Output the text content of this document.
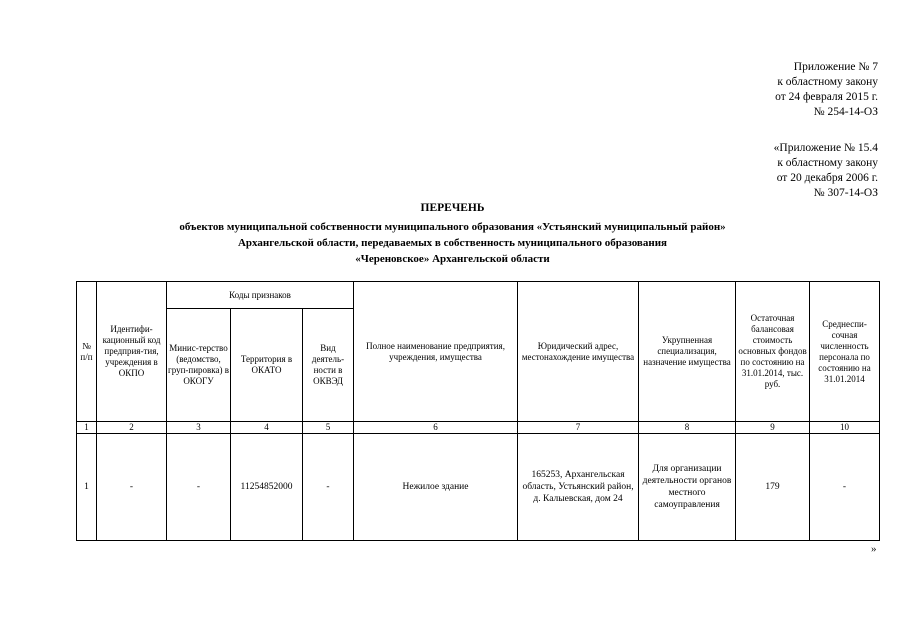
Приложение № 7
к областному закону
от 24 февраля 2015 г.
№ 254-14-ОЗ
«Приложение № 15.4
к областному закону
от 20 декабря 2006 г.
№ 307-14-ОЗ
ПЕРЕЧЕНЬ
объектов муниципальной собственности муниципального образования «Устьянский муниципальный район»
Архангельской области, передаваемых в собственность муниципального образования
«Череновское» Архангельской области
№ п/п	Идентифи-кационный код предприя-тия, учреждения в ОКПО	Коды признаков			Полное наименование предприятия, учреждения, имущества	Юридический адрес, местонахождение имущества	Укрупненная специализация, назначение имущества	Остаточная балансовая стоимость основных фондов по состоянию на 31.01.2014, тыс. руб.	Среднеспи-сочная численность персонала по состоянию на 31.01.2014
		Минис-терство (ведомство, груп-пировка) в ОКОГУ	Территория в ОКАТО	Вид деятель-ности в ОКВЭД					
1	2	3	4	5	6	7	8	9	10
1	-	-	11254852000	-	Нежилое здание	165253, Архангельская область, Устьянский район, д. Калыевская, дом 24	Для организации деятельности органов местного самоуправления	179	-
»
